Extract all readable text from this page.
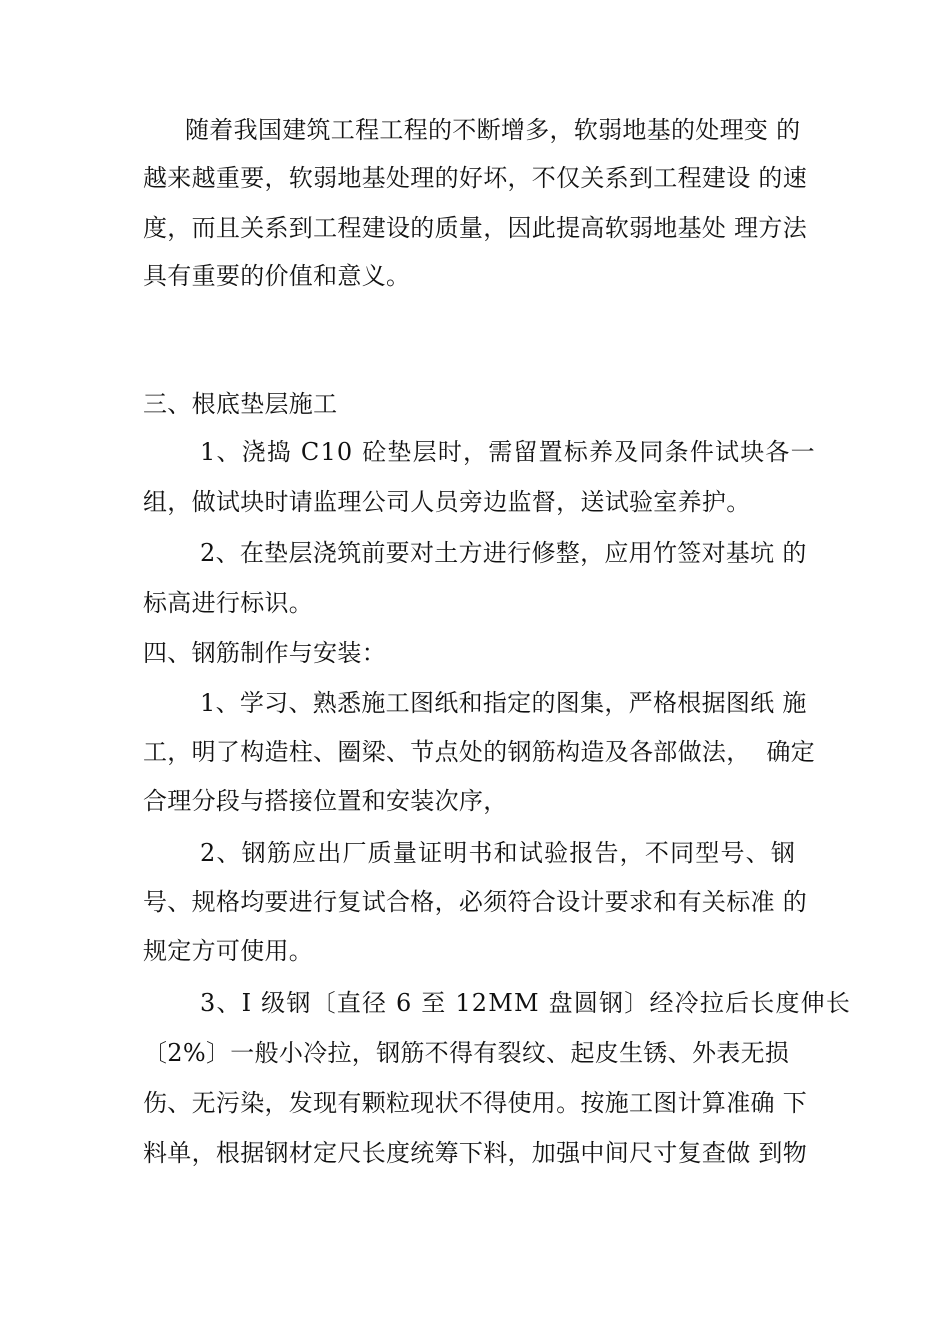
随着我国建筑工程工程的不断增多，软弱地基的处理变 的
越来越重要，软弱地基处理的好坏，不仅关系到工程建设 的速
度，而且关系到工程建设的质量，因此提高软弱地基处 理方法
具有重要的价值和意义。
三、根底垫层施工
1、浇捣 C10 砼垫层时，需留置标养及同条件试块各一
组，做试块时请监理公司人员旁边监督，送试验室养护。
2、在垫层浇筑前要对土方进行修整，应用竹签对基坑 的
标高进行标识。
四、钢筋制作与安装：
1、学习、熟悉施工图纸和指定的图集，严格根据图纸 施
工，明了构造柱、圈梁、节点处的钢筋构造及各部做法，  确定
合理分段与搭接位置和安装次序，
2、钢筋应出厂质量证明书和试验报告，不同型号、钢
号、规格均要进行复试合格，必须符合设计要求和有关标准 的
规定方可使用。
3、I 级钢〔直径 6 至 12MM 盘圆钢〕经冷拉后长度伸长
〔2%〕一般小冷拉，钢筋不得有裂纹、起皮生锈、外表无损
伤、无污染，发现有颗粒现状不得使用。按施工图计算准确 下
料单，根据钢材定尺长度统筹下料，加强中间尺寸复查做 到物
